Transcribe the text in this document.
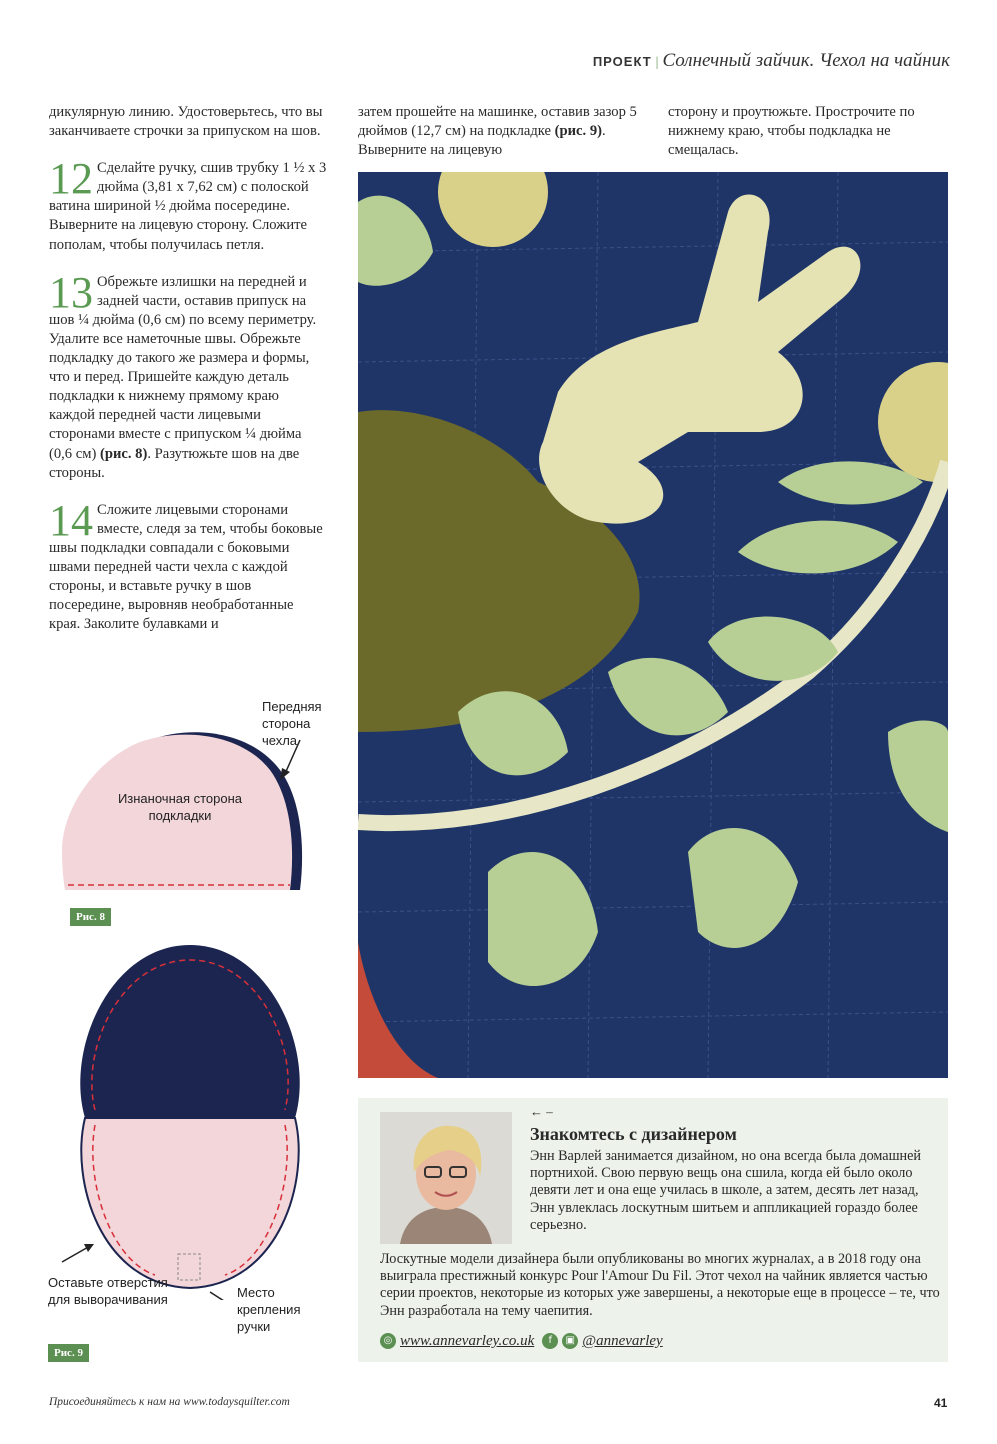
ПРОЕКТ | Солнечный зайчик. Чехол на чайник

дикулярную линию. Удостоверьтесь, что вы заканчиваете строчки за припуском на шов.

12 Сделайте ручку, сшив трубку 1 ½ x 3 дюйма (3,81 x 7,62 см) с полоской ватина шириной ½ дюйма посередине. Выверните на лицевую сторону. Сложите пополам, чтобы получилась петля.

13 Обрежьте излишки на передней и задней части, оставив припуск на шов ¼ дюйма (0,6 см) по всему периметру. Удалите все наметочные швы. Обрежьте подкладку до такого же размера и формы, что и перед. Пришейте каждую деталь подкладки к нижнему прямому краю каждой передней части лицевыми сторонами вместе с припуском ¼ дюйма (0,6 см) (рис. 8). Разутюжьте шов на две стороны.

14 Сложите лицевыми сторонами вместе, следя за тем, чтобы боковые швы подкладки совпадали с боковыми швами передней части чехла с каждой стороны, и вставьте ручку в шов посередине, выровняв необработанные края. Заколите булавками и

затем прошейте на машинке, оставив зазор 5 дюймов (12,7 см) на подкладке (рис. 9). Выверните на лицевую

сторону и проутюжьте. Прострочите по нижнему краю, чтобы подкладка не смещалась.

Передняя сторона чехла
Изнаночная сторона подкладки
Рис. 8
Оставьте отверстия для выворачивания	Место крепления ручки
Рис. 9
← –
Знакомтесь с дизайнером
Энн Варлей занимается дизайном, но она всегда была домашней портнихой. Свою первую вещь она сшила, когда ей было около девяти лет и она еще училась в школе, а затем, десять лет назад, Энн увлеклась лоскутным шитьем и аппликацией гораздо более серьезно.
Лоскутные модели дизайнера были опубликованы во многих журналах, а в 2018 году она выиграла престижный конкурс Pour l'Amour Du Fil. Этот чехол на чайник является частью серии проектов, некоторые из которых уже завершены, а некоторые еще в процессе – те, что Энн разработала на тему чаепития.
◎ www.annevarley.co.uk f ▣ @annevarley
Присоединяйтесь к нам на www.todaysquilter.com	41
